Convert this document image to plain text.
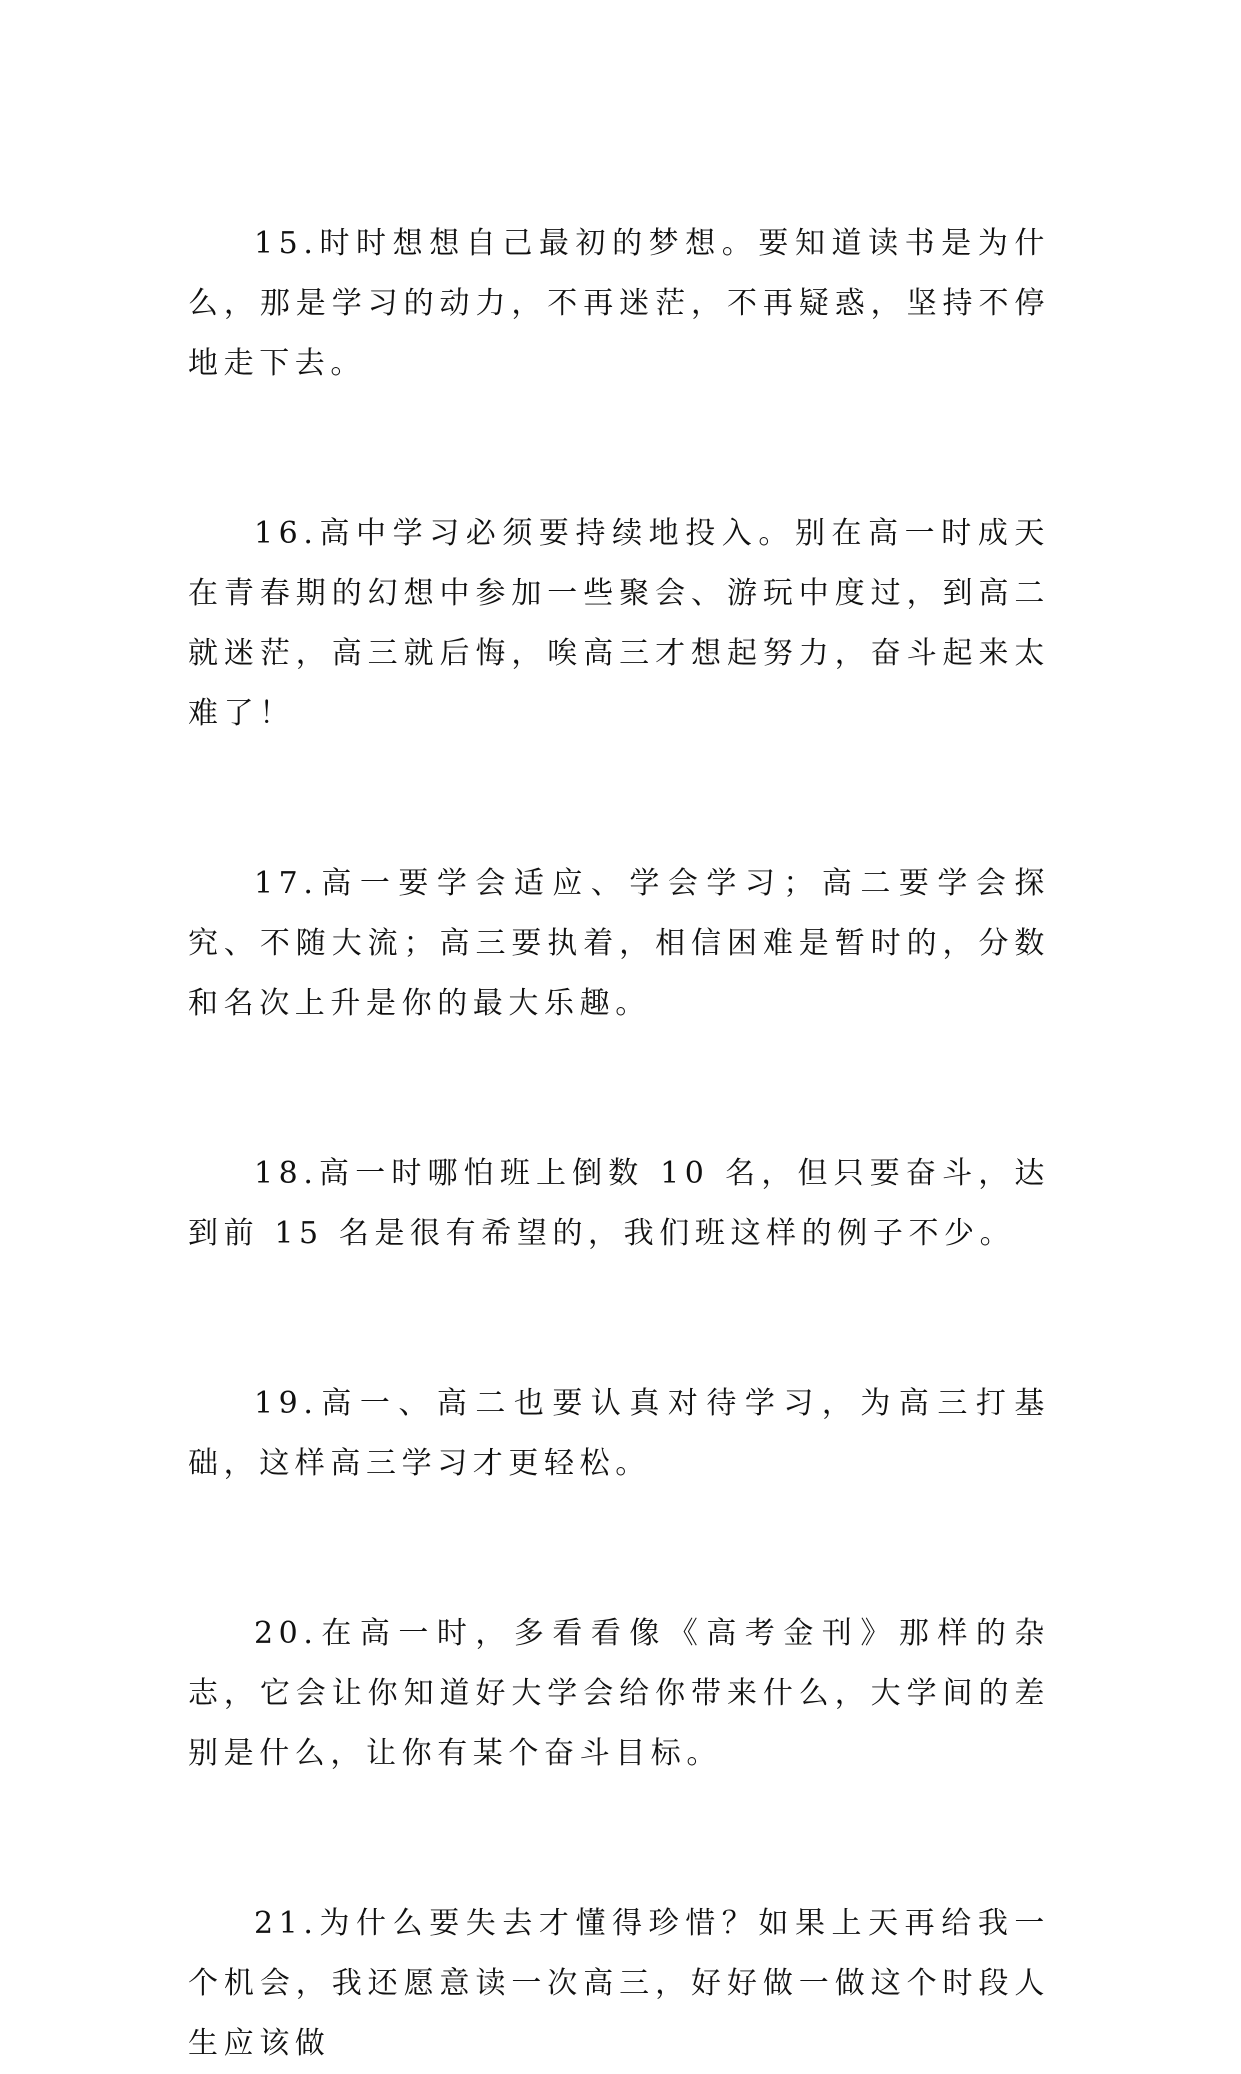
15.时时想想自己最初的梦想。要知道读书是为什么，那是学习的动力，不再迷茫，不再疑惑，坚持不停地走下去。

16.高中学习必须要持续地投入。别在高一时成天在青春期的幻想中参加一些聚会、游玩中度过，到高二就迷茫，高三就后悔，唉高三才想起努力，奋斗起来太难了！

17.高一要学会适应、学会学习；高二要学会探究、不随大流；高三要执着，相信困难是暂时的，分数和名次上升是你的最大乐趣。

18.高一时哪怕班上倒数 10 名，但只要奋斗，达到前 15 名是很有希望的，我们班这样的例子不少。

19.高一、高二也要认真对待学习，为高三打基础，这样高三学习才更轻松。

20.在高一时，多看看像《高考金刊》那样的杂志，它会让你知道好大学会给你带来什么，大学间的差别是什么，让你有某个奋斗目标。

21.为什么要失去才懂得珍惜？如果上天再给我一个机会，我还愿意读一次高三，好好做一做这个时段人生应该做
